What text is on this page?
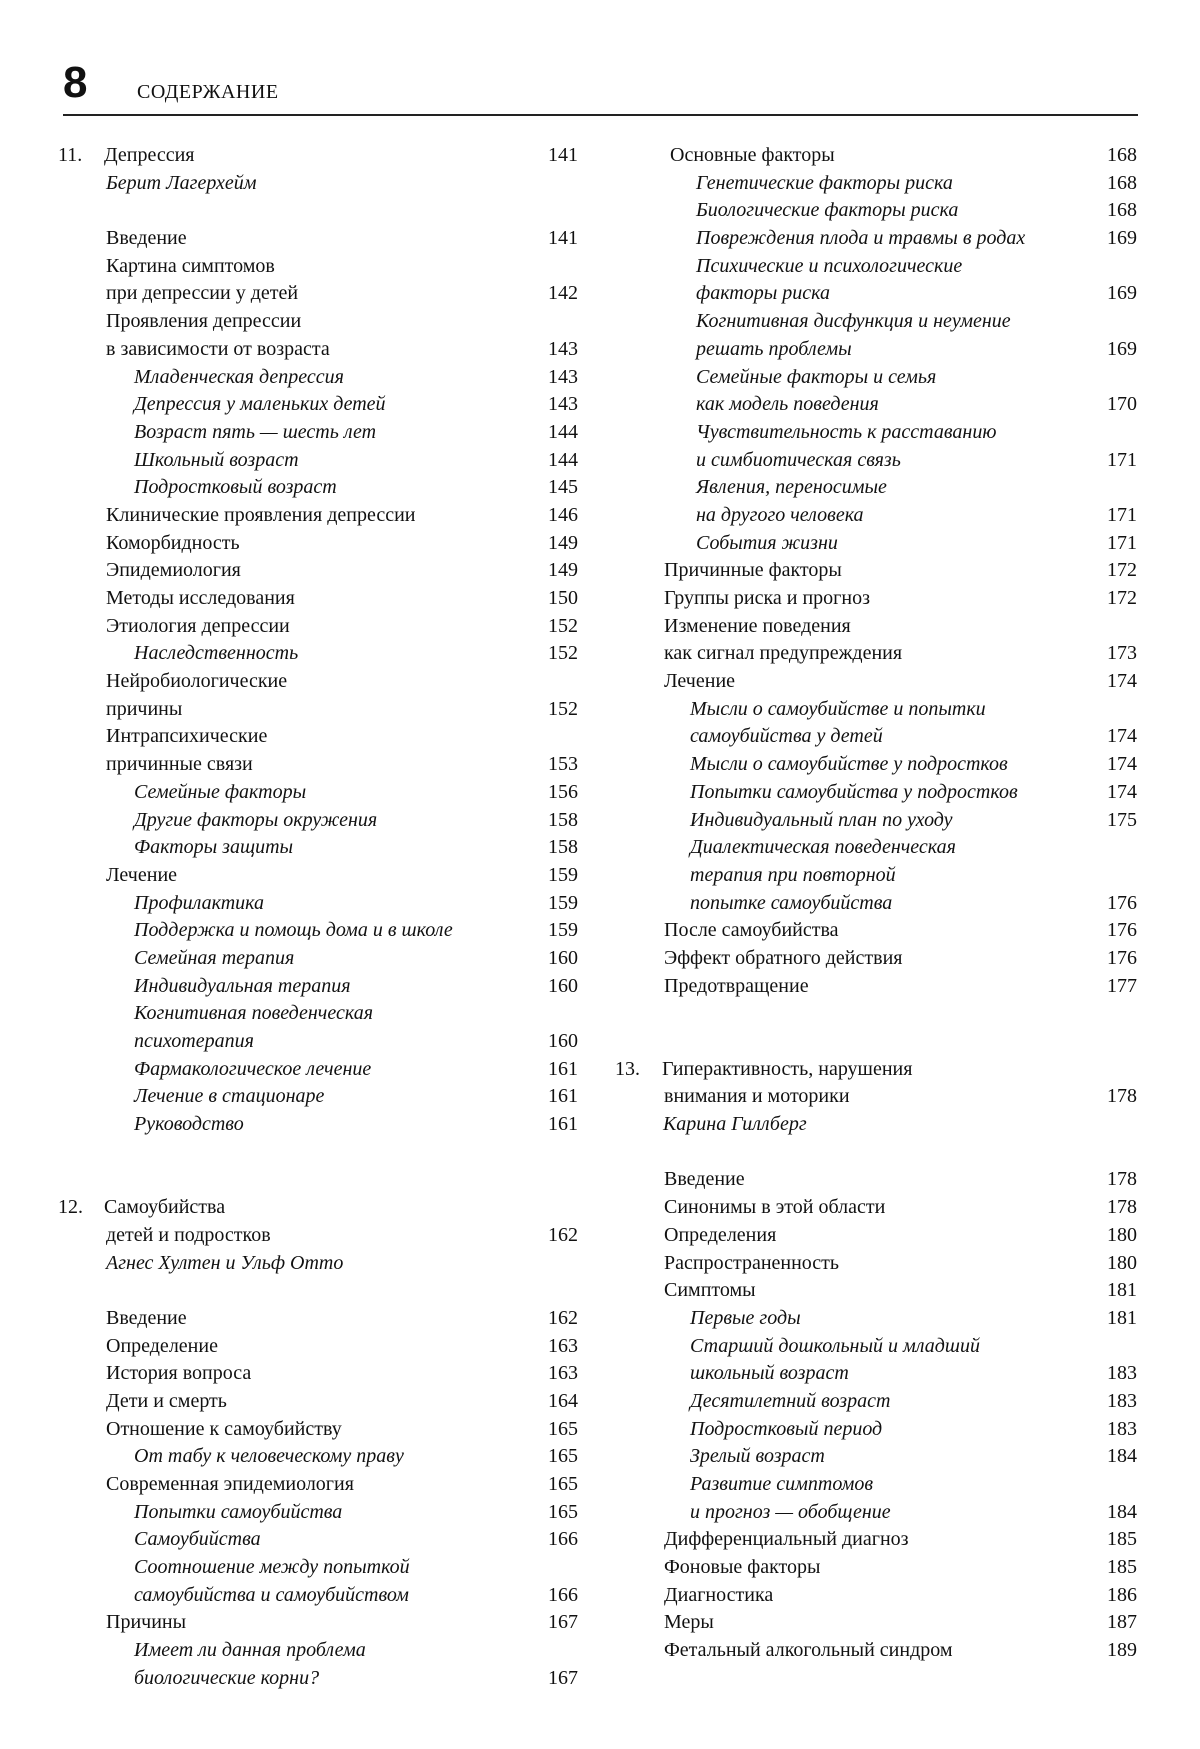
8 СОДЕРЖАНИЕ
11. Депрессия	141
Берит Лагерхейм
Введение	141
Картина симптомов
при депрессии у детей	142
Проявления депрессии
в зависимости от возраста	143
Младенческая депрессия	143
Депрессия у маленьких детей	143
Возраст пять — шесть лет	144
Школьный возраст	144
Подростковый возраст	145
Клинические проявления депрессии	146
Коморбидность	149
Эпидемиология	149
Методы исследования	150
Этиология депрессии	152
Наследственность	152
Нейробиологические
причины	152
Интрапсихические
причинные связи	153
Семейные факторы	156
Другие факторы окружения	158
Факторы защиты	158
Лечение	159
Профилактика	159
Поддержка и помощь дома и в школе	159
Семейная терапия	160
Индивидуальная терапия	160
Когнитивная поведенческая
психотерапия	160
Фармакологическое лечение	161
Лечение в стационаре	161
Руководство	161
12. Самоубийства
детей и подростков	162
Агнес Хултен и Ульф Отто
Введение	162
Определение	163
История вопроса	163
Дети и смерть	164
Отношение к самоубийству	165
От табу к человеческому праву	165
Современная эпидемиология	165
Попытки самоубийства	165
Самоубийства	166
Соотношение между попыткой
самоубийства и самоубийством	166
Причины	167
Имеет ли данная проблема
биологические корни?	167
Основные факторы	168
Генетические факторы риска	168
Биологические факторы риска	168
Повреждения плода и травмы в родах	169
Психические и психологические
факторы риска	169
Когнитивная дисфункция и неумение
решать проблемы	169
Семейные факторы и семья
как модель поведения	170
Чувствительность к расставанию
и симбиотическая связь	171
Явления, переносимые
на другого человека	171
События жизни	171
Причинные факторы	172
Группы риска и прогноз	172
Изменение поведения
как сигнал предупреждения	173
Лечение	174
Мысли о самоубийстве и попытки
самоубийства у детей	174
Мысли о самоубийстве у подростков	174
Попытки самоубийства у подростков	174
Индивидуальный план по уходу	175
Диалектическая поведенческая
терапия при повторной
попытке самоубийства	176
После самоубийства	176
Эффект обратного действия	176
Предотвращение	177
13. Гиперактивность, нарушения
внимания и моторики	178
Карина Гиллберг
Введение	178
Синонимы в этой области	178
Определения	180
Распространенность	180
Симптомы	181
Первые годы	181
Старший дошкольный и младший
школьный возраст	183
Десятилетний возраст	183
Подростковый период	183
Зрелый возраст	184
Развитие симптомов
и прогноз — обобщение	184
Дифференциальный диагноз	185
Фоновые факторы	185
Диагностика	186
Меры	187
Фетальный алкогольный синдром	189
